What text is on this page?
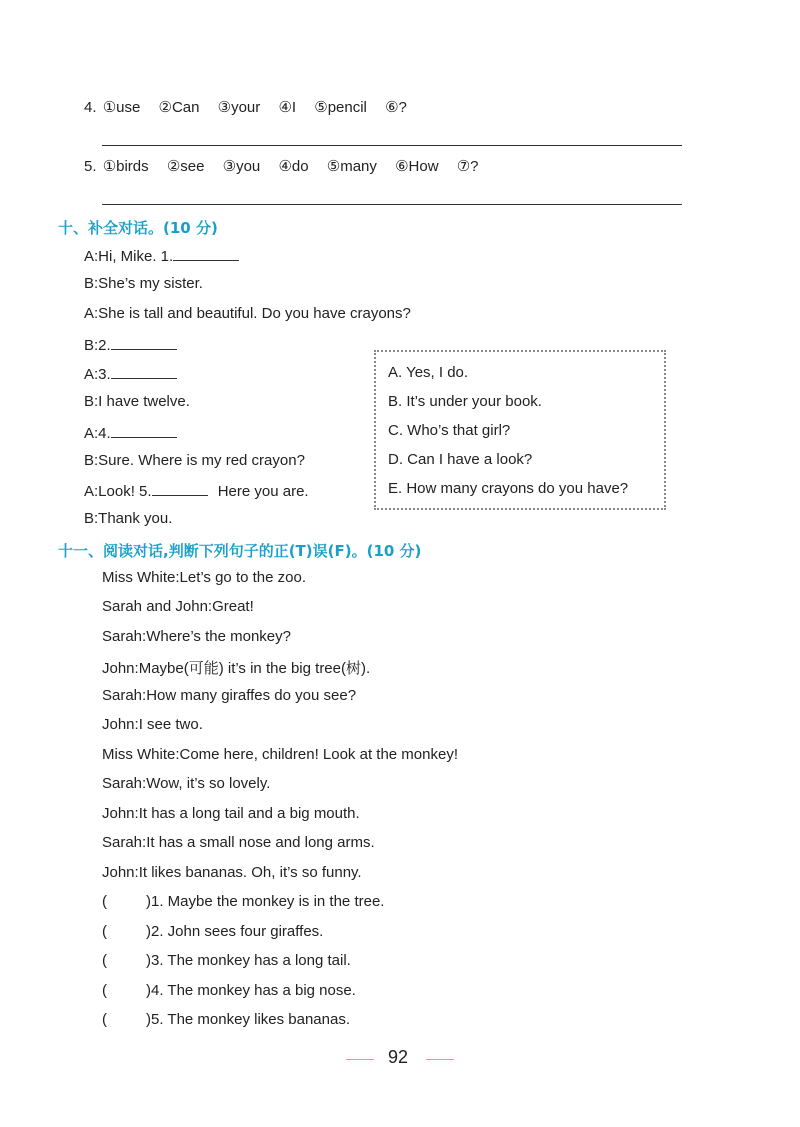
4. ①use ②Can ③your ④I ⑤pencil ⑥?
5. ①birds ②see ③you ④do ⑤many ⑥How ⑦?
十、补全对话。(10 分)
A:Hi, Mike. 1.
B:She’s my sister.
A:She is tall and beautiful. Do you have crayons?
B:2.
A:3.
B:I have twelve.
A:4.
B:Sure. Where is my red crayon?
A:Look! 5.	Here you are.
B:Thank you.
A. Yes, I do.
B. It’s under your book.
C. Who’s that girl?
D. Can I have a look?
E. How many crayons do you have?
十一、阅读对话,判断下列句子的正(T)误(F)。(10 分)
Miss White:Let’s go to the zoo.
Sarah and John:Great!
Sarah:Where’s the monkey?
John:Maybe(可能) it’s in the big tree(树).
Sarah:How many giraffes do you see?
John:I see two.
Miss White:Come here, children! Look at the monkey!
Sarah:Wow, it’s so lovely.
John:It has a long tail and a big mouth.
Sarah:It has a small nose and long arms.
John:It likes bananas. Oh, it’s so funny.
(	)1. Maybe the monkey is in the tree.
(	)2. John sees four giraffes.
(	)3. The monkey has a long tail.
(	)4. The monkey has a big nose.
(	)5. The monkey likes bananas.
92
